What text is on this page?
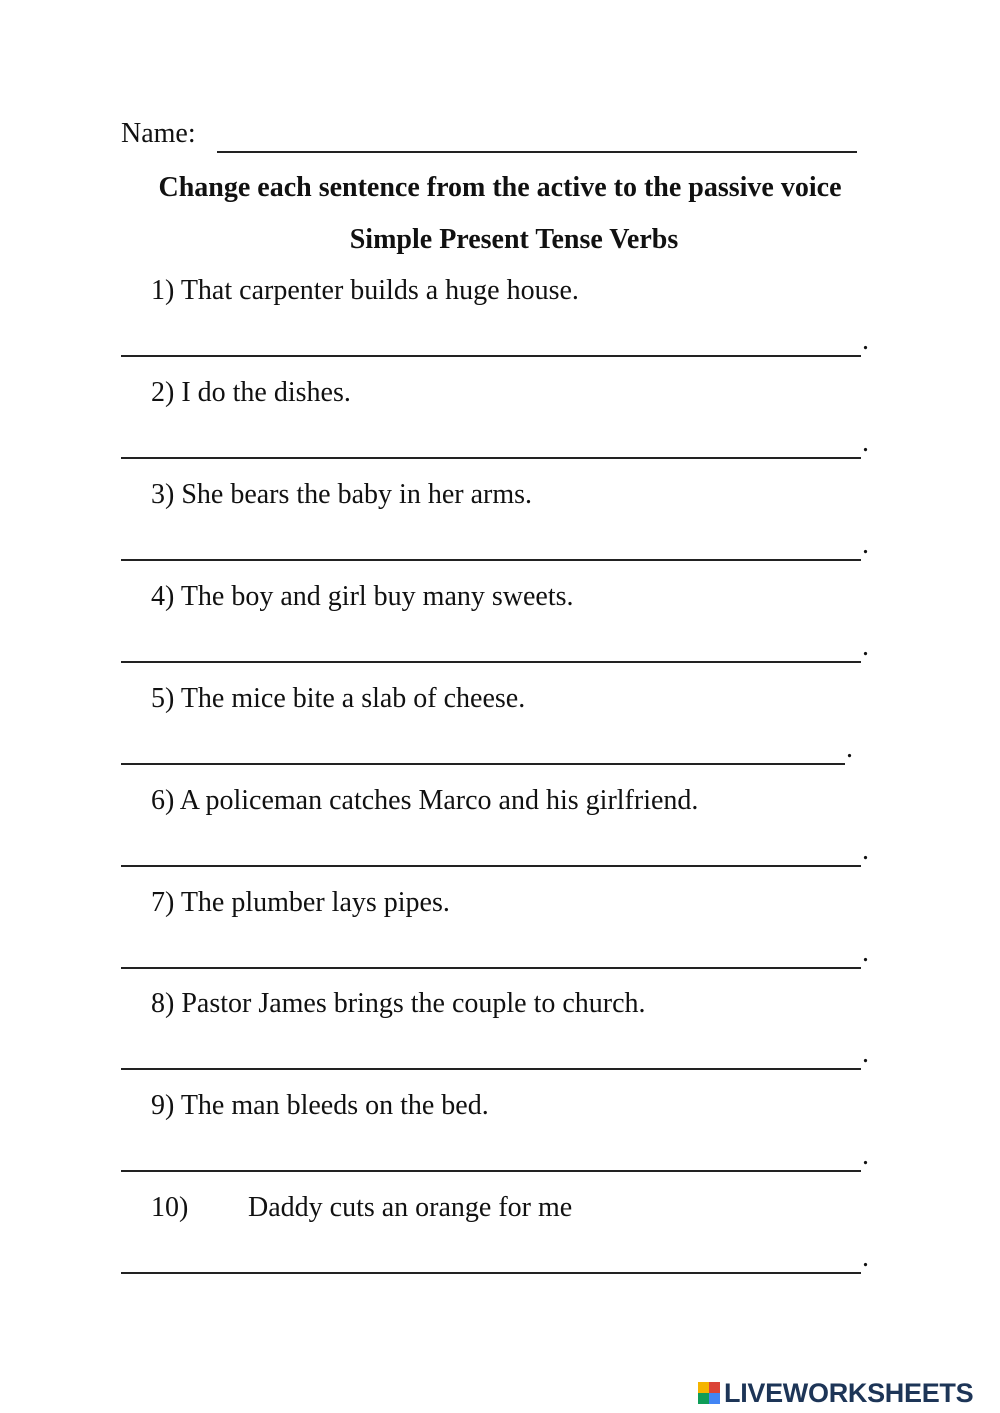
Name:
Change each sentence from the active to the passive voice
Simple Present Tense Verbs
1) That carpenter builds a huge house.
.
2) I do the dishes.
.
3) She bears the baby in her arms.
.
4) The boy and girl buy many sweets.
.
5) The mice bite a slab of cheese.
.
6) A policeman catches Marco and his girlfriend.
.
7) The plumber lays pipes.
.
8) Pastor James brings the couple to church.
.
9) The man bleeds on the bed.
.
10) Daddy cuts an orange for me
.
LIVEWORKSHEETS
